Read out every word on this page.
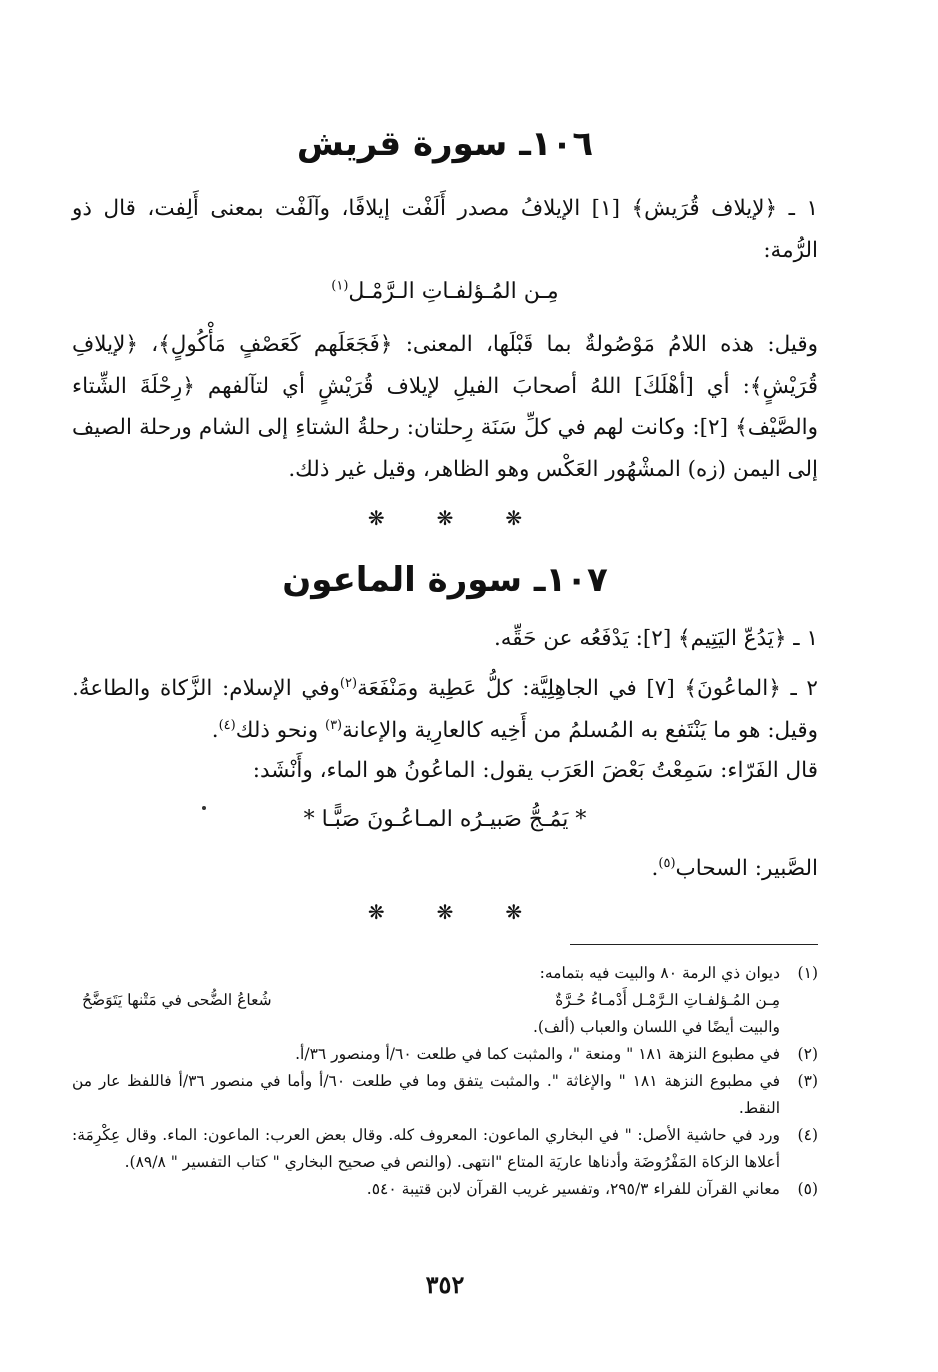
١٠٦ـ سورة قريش

١ ـ ﴿لإيلاف قُرَيش﴾ [١] الإيلافُ مصدر أَلَفْت إيلافًا، وآلَفْت بمعنى أَلِفت، قال ذو الرُّمة:

مِـن المُـؤلفـاتِ الـرَّمْـل$^{(١)}$

وقيل: هذه اللامُ مَوْصُولةٌ بما قَبْلَها، المعنى: ﴿فَجَعَلَهم كَعَصْفٍ مَأْكُولٍ﴾، ﴿لإيلافِ قُرَيْشٍ﴾: أي [أهْلَكَ] اللهُ أصحابَ الفيلِ لإيلاف قُرَيْشٍ أي لتآلفهم ﴿رِحْلَةَ الشِّتاء والصَّيْف﴾ [٢]: وكانت لهم في كلِّ سَنَة رِحلتان: رحلةُ الشتاءِ إلى الشام ورحلة الصيف إلى اليمن (زه) المشْهُور العَكْس وهو الظاهر، وقيل غير ذلك.

❋
❋
❋
١٠٧ـ سورة الماعون

١ ـ ﴿يَدُعّ اليَتِيم﴾ [٢]: يَدْفَعُه عن حَقِّه.

٢ ـ ﴿الماعُونَ﴾ [٧] في الجاهِلِيَّة: كلُّ عَطِية ومَنْفَعَة$^{(٢)}$وفي الإسلام: الزَّكاة والطاعةُ. وقيل: هو ما يَنْتَفع به المُسلمُ من أَخِيه كالعارِية والإعانة$^{(٣)}$ ونحو ذلك$^{(٤)}$.

قال الفَرّاء: سَمِعْتُ بَعْضَ العَرَب يقول: الماعُونُ هو الماء، وأَنْشَد:

* يَمُـجُّ صَبيـرُه المـاعُـونَ صَبًّـا *

الصَّبير: السحاب$^{(٥)}$.

❋
❋
❋
(١)
ديوان ذي الرمة ٨٠ والبيت فيه بتمامه:
مِـن المُـؤلفـاتِ الـرَّمْـل أَدْمـاءُ حُـرَّةٌ
شُعاعُ الضُّحى في مَتْنها يَتَوَضَّحُ
والبيت أيضًا في اللسان والعباب (ألف).
(٢)
في مطبوع النزهة ١٨١ " ومنعة "، والمثبت كما في طلعت ٦٠/أ ومنصور ٣٦/أ.
(٣)
في مطبوع النزهة ١٨١ " والإغاثة ". والمثبت يتفق وما في طلعت ٦٠/أ وأما في منصور ٣٦/أ فاللفظ عار من النقط.
(٤)
ورد في حاشية الأصل: " في البخاري الماعون: المعروف كله. وقال بعض العرب: الماعون: الماء. وقال عِكْرِمَة: أعلاها الزكاة المَفْرُوضَة وأدناها عاريَة المتاع "انتهى. (والنص في صحيح البخاري " كتاب التفسير " ٨٩/٨).
(٥)
معاني القرآن للفراء ٢٩٥/٣، وتفسير غريب القرآن لابن قتيبة ٥٤٠.
٣٥٢
